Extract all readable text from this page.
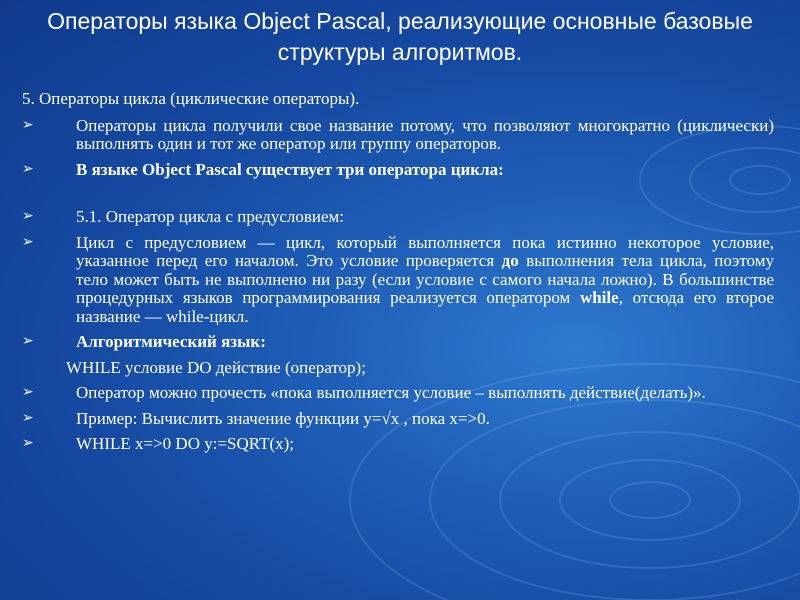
Операторы языка Object Pascal, реализующие основные базовые структуры алгоритмов.
5. Операторы цикла (циклические операторы).
➢ Операторы цикла получили свое название потому, что позволяют многократно (циклически) выполнять один и тот же оператор или группу операторов.
➢ В языке Object Pascal существует три оператора цикла:
➢ 5.1. Оператор цикла с предусловием:
➢ Цикл с предусловием — цикл, который выполняется пока истинно некоторое условие, указанное перед его началом. Это условие проверяется до выполнения тела цикла, поэтому тело может быть не выполнено ни разу (если условие с самого начала ложно). В большинстве процедурных языков программирования реализуется оператором while, отсюда его второе название — while-цикл.
➢ Алгоритмический язык:
WHILE условие DO действие (оператор);
➢ Оператор можно прочесть «пока выполняется условие – выполнять действие(делать)».
➢ Пример: Вычислить значение функции y=√x , пока x=>0.
➢ WHILE x=>0 DO y:=SQRT(x);
